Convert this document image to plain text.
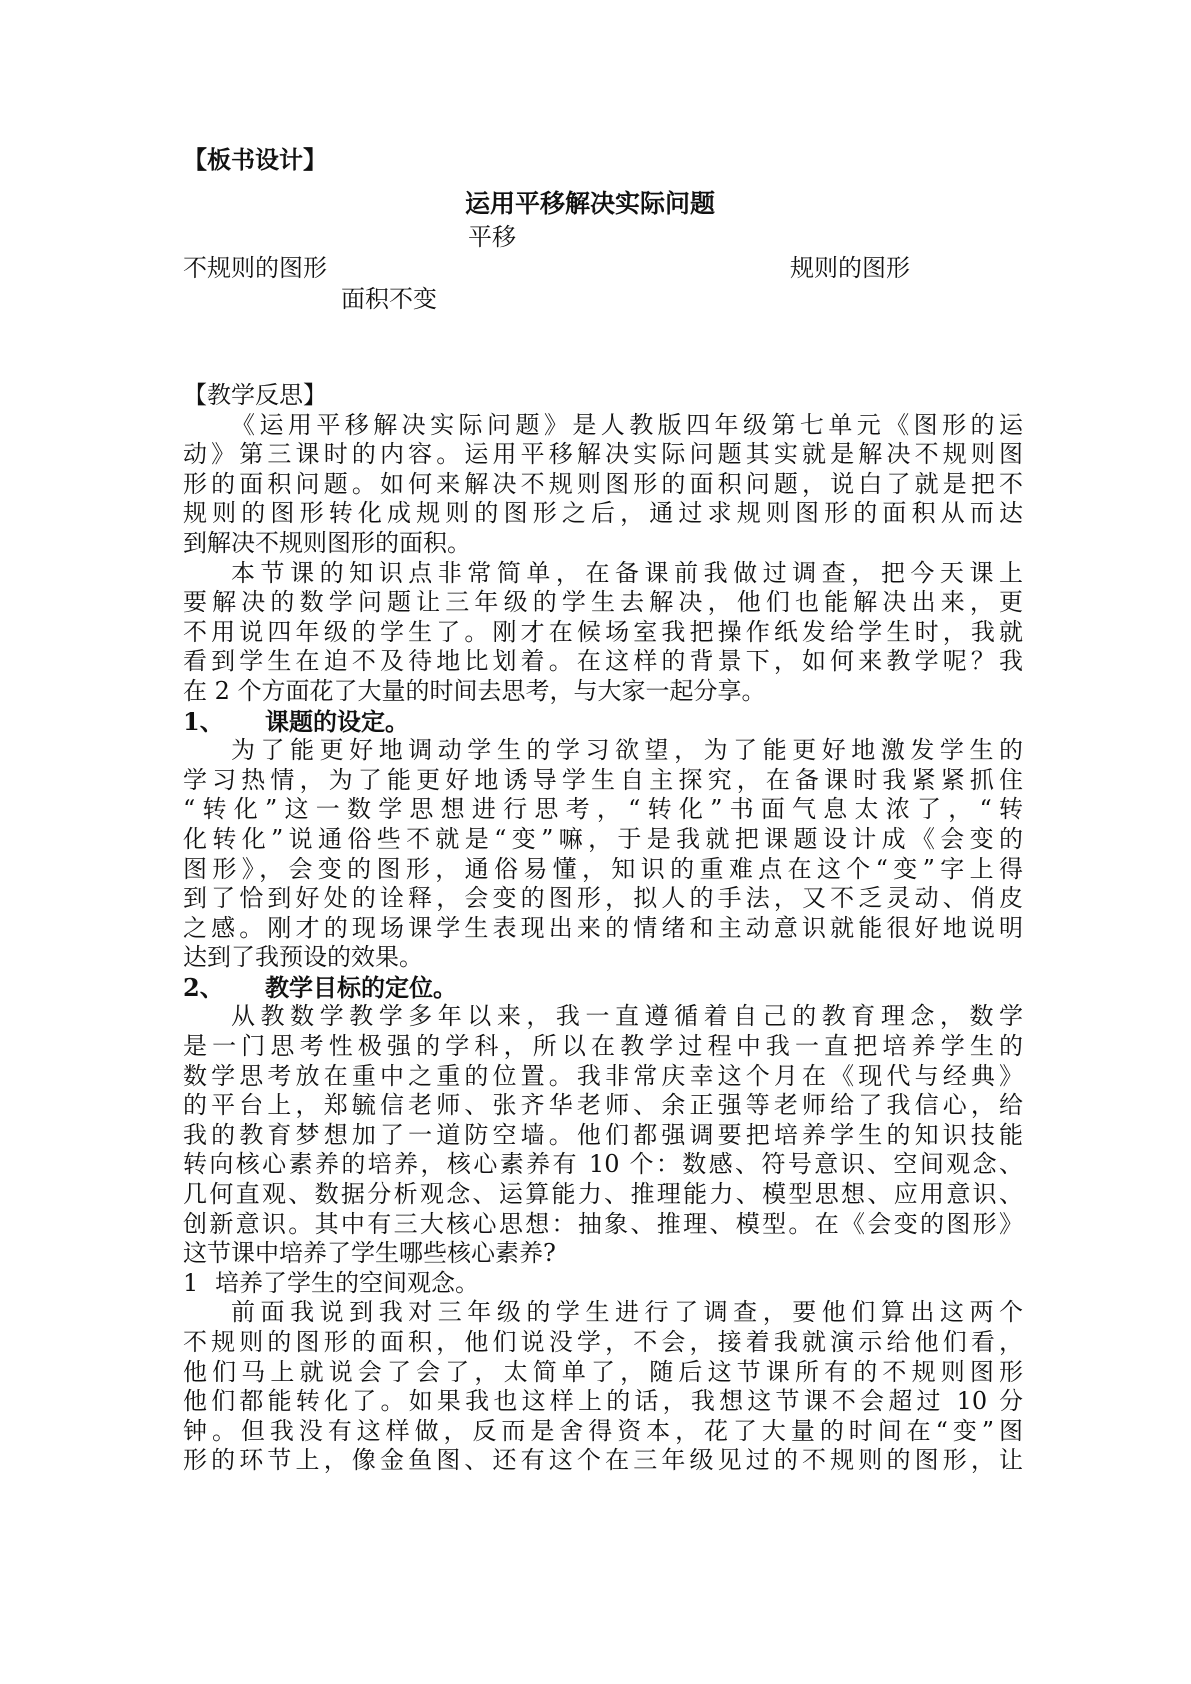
【板书设计】
运用平移解决实际问题
平移
不规则的图形	规则的图形
面积不变
【教学反思】
《运用平移解决实际问题》是人教版四年级第七单元《图形的运
动》第三课时的内容。运用平移解决实际问题其实就是解决不规则图
形的面积问题。如何来解决不规则图形的面积问题，说白了就是把不
规则的图形转化成规则的图形之后，通过求规则图形的面积从而达
到解决不规则图形的面积。
本节课的知识点非常简单，在备课前我做过调查，把今天课上
要解决的数学问题让三年级的学生去解决，他们也能解决出来，更
不用说四年级的学生了。刚才在候场室我把操作纸发给学生时，我就
看到学生在迫不及待地比划着。在这样的背景下，如何来教学呢？我
在 2 个方面花了大量的时间去思考，与大家一起分享。
1、 课题的设定。
为了能更好地调动学生的学习欲望，为了能更好地激发学生的
学习热情，为了能更好地诱导学生自主探究，在备课时我紧紧抓住
“转化”这一数学思想进行思考，“转化”书面气息太浓了，“转
化转化”说通俗些不就是“变”嘛，于是我就把课题设计成《会变的
图形》，会变的图形，通俗易懂，知识的重难点在这个“变”字上得
到了恰到好处的诠释，会变的图形，拟人的手法，又不乏灵动、俏皮
之感。刚才的现场课学生表现出来的情绪和主动意识就能很好地说明
达到了我预设的效果。
2、 教学目标的定位。
从教数学教学多年以来，我一直遵循着自己的教育理念，数学
是一门思考性极强的学科，所以在教学过程中我一直把培养学生的
数学思考放在重中之重的位置。我非常庆幸这个月在《现代与经典》
的平台上，郑毓信老师、张齐华老师、余正强等老师给了我信心，给
我的教育梦想加了一道防空墙。他们都强调要把培养学生的知识技能
转向核心素养的培养，核心素养有 10 个：数感、符号意识、空间观念、
几何直观、数据分析观念、运算能力、推理能力、模型思想、应用意识、
创新意识。其中有三大核心思想：抽象、推理、模型。在《会变的图形》
这节课中培养了学生哪些核心素养?
1 培养了学生的空间观念。
前面我说到我对三年级的学生进行了调查，要他们算出这两个
不规则的图形的面积，他们说没学，不会，接着我就演示给他们看，
他们马上就说会了会了，太简单了，随后这节课所有的不规则图形
他们都能转化了。如果我也这样上的话，我想这节课不会超过 10 分
钟。但我没有这样做，反而是舍得资本，花了大量的时间在“变”图
形的环节上，像金鱼图、还有这个在三年级见过的不规则的图形，让
